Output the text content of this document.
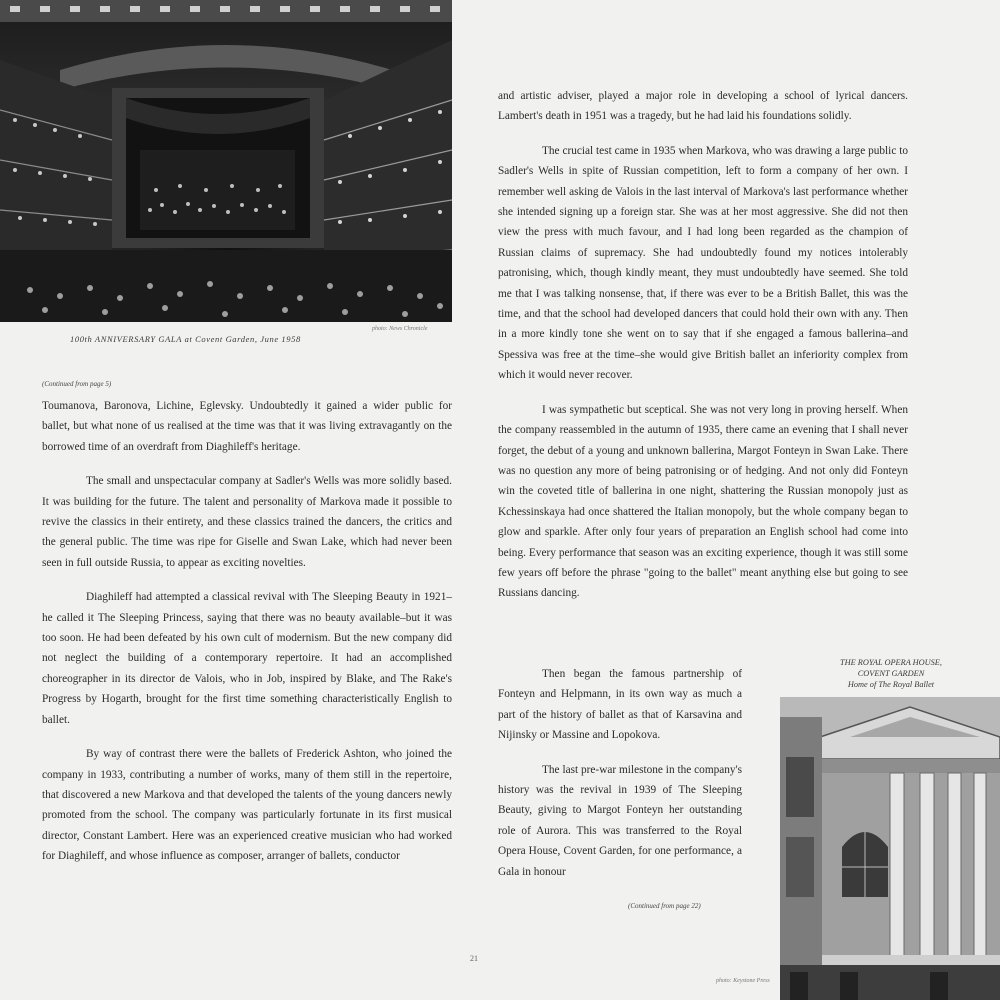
photo: News Chronicle
100th ANNIVERSARY GALA at Covent Garden, June 1958
(Continued from page 5)

Toumanova, Baronova, Lichine, Eglevsky. Undoubtedly it gained a wider public for ballet, but what none of us realised at the time was that it was living extravagantly on the borrowed time of an overdraft from Diaghileff's heritage.

The small and unspectacular company at Sadler's Wells was more solidly based. It was building for the future. The talent and personality of Markova made it possible to revive the classics in their entirety, and these classics trained the dancers, the critics and the general public. The time was ripe for Giselle and Swan Lake, which had never been seen in full outside Russia, to appear as exciting novelties.

Diaghileff had attempted a classical revival with The Sleeping Beauty in 1921–he called it The Sleeping Princess, saying that there was no beauty available–but it was too soon. He had been defeated by his own cult of modernism. But the new company did not neglect the building of a contemporary repertoire. It had an accomplished choreographer in its director de Valois, who in Job, inspired by Blake, and The Rake's Progress by Hogarth, brought for the first time something characteristically English to ballet.

By way of contrast there were the ballets of Frederick Ashton, who joined the company in 1933, contributing a number of works, many of them still in the repertoire, that discovered a new Markova and that developed the talents of the young dancers newly promoted from the school. The company was particularly fortunate in its first musical director, Constant Lambert. Here was an experienced creative musician who had worked for Diaghileff, and whose influence as composer, arranger of ballets, conductor

and artistic adviser, played a major role in developing a school of lyrical dancers. Lambert's death in 1951 was a tragedy, but he had laid his foundations solidly.

The crucial test came in 1935 when Markova, who was drawing a large public to Sadler's Wells in spite of Russian competition, left to form a company of her own. I remember well asking de Valois in the last interval of Markova's last performance whether she intended signing up a foreign star. She was at her most aggressive. She did not then view the press with much favour, and I had long been regarded as the champion of Russian claims of supremacy. She had undoubtedly found my notices intolerably patronising, which, though kindly meant, they must undoubtedly have seemed. She told me that I was talking nonsense, that, if there was ever to be a British Ballet, this was the time, and that the school had developed dancers that could hold their own with any. Then in a more kindly tone she went on to say that if she engaged a famous ballerina–and Spessiva was free at the time–she would give British ballet an inferiority complex from which it would never recover.

I was sympathetic but sceptical. She was not very long in proving herself. When the company reassembled in the autumn of 1935, there came an evening that I shall never forget, the debut of a young and unknown ballerina, Margot Fonteyn in Swan Lake. There was no question any more of being patronising or of hedging. And not only did Fonteyn win the coveted title of ballerina in one night, shattering the Russian monopoly just as Kchessinskaya had once shattered the Italian monopoly, but the whole company began to glow and sparkle. After only four years of preparation an English school had come into being. Every performance that season was an exciting experience, though it was still some few years off before the phrase "going to the ballet" meant anything else but going to see Russians dancing.

Then began the famous partnership of Fonteyn and Helpmann, in its own way as much a part of the history of ballet as that of Karsavina and Nijinsky or Massine and Lopokova.

The last pre-war milestone in the company's history was the revival in 1939 of The Sleeping Beauty, giving to Margot Fonteyn her outstanding role of Aurora. This was transferred to the Royal Opera House, Covent Garden, for one performance, a Gala in honour

(Continued from page 22)
THE ROYAL OPERA HOUSE,
COVENT GARDEN
Home of The Royal Ballet
photo: Keystone Press
21
